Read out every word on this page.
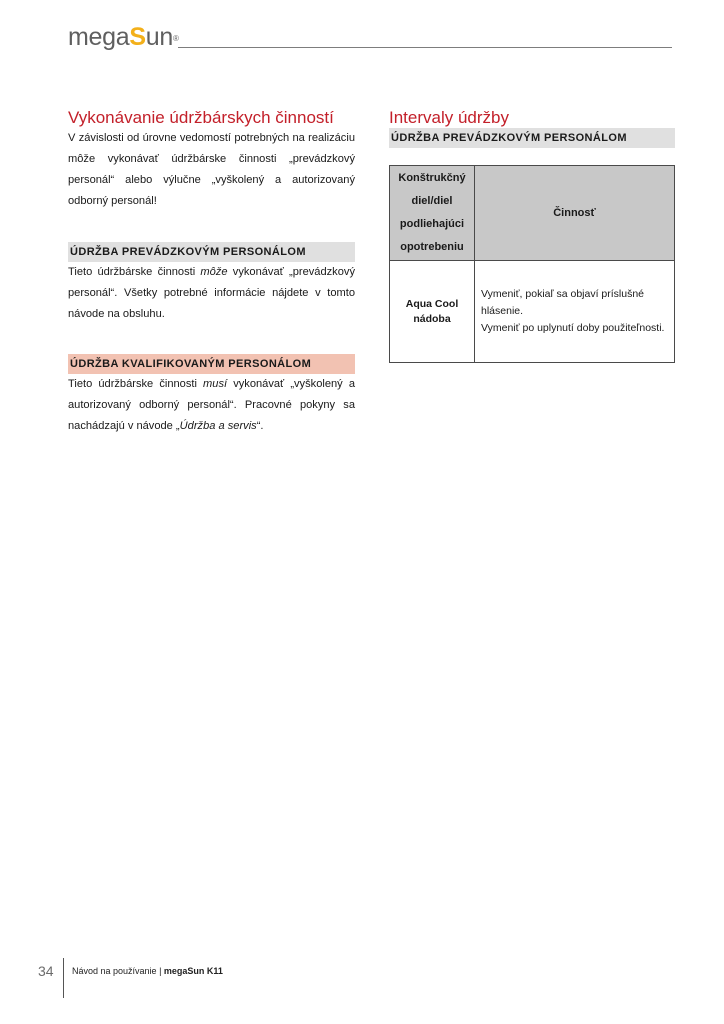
megaSun®
Vykonávanie údržbárskych činností

V závislosti od úrovne vedomostí potrebných na realizáciu môže vykonávať údržbárske činnosti „prevádzkový personál“ alebo výlučne „vyškolený a autorizovaný odborný personál!

ÚDRŽBA PREVÁDZKOVÝM PERSONÁLOM

Tieto údržbárske činnosti môže vykonávať „prevádzkový personál“. Všetky potrebné informácie nájdete v tomto návode na obsluhu.

ÚDRŽBA KVALIFIKOVANÝM PERSONÁLOM

Tieto údržbárske činnosti musí vykonávať „vyškolený a autorizovaný odborný personál“. Pracovné pokyny sa nachádzajú v návode „Údržba a servis“.

Intervaly údržby
ÚDRŽBA PREVÁDZKOVÝM PERSONÁLOM
Konštrukčný diel/diel podliehajúci opotrebeniu	Činnosť
Aqua Cool nádoba	Vymeniť, pokiaľ sa objaví príslušné hlásenie.
Vymeniť po uplynutí doby použiteľnosti.
34 Návod na používanie | megaSun K11
